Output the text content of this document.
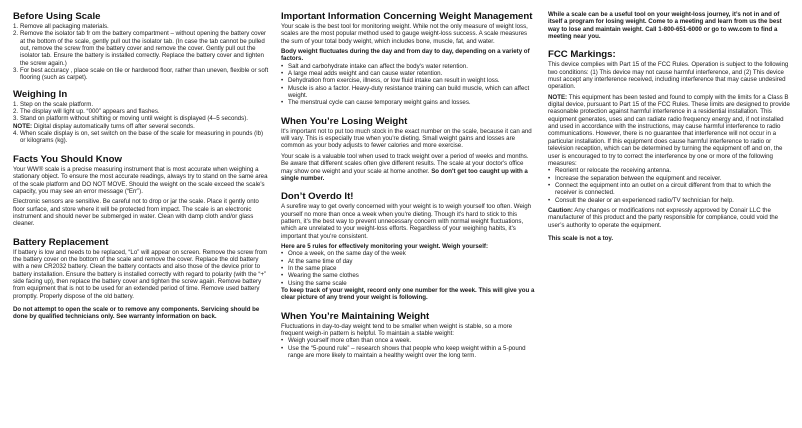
Before Using Scale
1. Remove all packaging materials.
2. Remove the isolator tab fr om the battery compartment – without opening the battery cover at the bottom of the scale, gently pull out the isolator tab. (In case the tab cannot be pulled out, remove the screw from the battery cover and remove the cover. Gently pull out the isolator tab. Ensure the battery is installed correctly. Replace the battery cover and tighten the screw again.)
3. For best accuracy , place scale on tile or hardwood floor, rather than uneven, flexible or soft flooring (such as carpet).
Weighing In
1. Step on the scale platform.
2. The display will light up. “000” appears and flashes.
3. Stand on platform without shifting or moving until weight is displayed (4–5 seconds).
NOTE: Digital display automatically turns off after several seconds.
4. When scale display is on, set switch on the base of the scale for measuring in pounds (lb) or kilograms (kg).
Facts You Should Know

Your WW® scale is a precise measuring instrument that is most accurate when weighing a stationary object. To ensure the most accurate readings, always try to stand on the same area of the scale platform and DO NOT MOVE. Should the weight on the scale exceed the scale's capacity, you may see an error message (“Err”).

Electronic sensors are sensitive. Be careful not to drop or jar the scale. Place it gently onto floor surface, and store where it will be protected from impact. The scale is an electronic instrument and should never be submerged in water. Clean with damp cloth and/or glass cleaner.

Battery Replacement

If battery is low and needs to be replaced, “Lo” will appear on screen. Remove the screw from the battery cover on the bottom of the scale and remove the cover. Replace the old battery with a new CR2032 battery. Clean the battery contacts and also those of the device prior to battery installation. Ensure the battery is installed correctly with regard to polarity (with the “+” side facing up), then replace the battery cover and tighten the screw again. Remove battery from equipment that is not to be used for an extended period of time. Remove used battery promptly. Properly dispose of the old battery.

Do not attempt to open the scale or to remove any components. Servicing should be done by qualified technicians only. See warranty information on back.

Important Information Concerning Weight Management

Your scale is the best tool for monitoring weight. While not the only measure of weight loss, scales are the most popular method used to gauge weight-loss success. A scale measures the sum of your total body weight, which includes bone, muscle, fat, and water.

Body weight fluctuates during the day and from day to day, depending on a variety of factors.
• Salt and carbohydrate intake can affect the body's water retention.
• A large meal adds weight and can cause water retention.
• Dehydration from exercise, illness, or low fluid intake can result in weight loss.
• Muscle is also a factor. Heavy-duty resistance training can build muscle, which can affect weight.
• The menstrual cycle can cause temporary weight gains and losses.
When You’re Losing Weight

It's important not to put too much stock in the exact number on the scale, because it can and will vary. This is especially true when you're dieting. Small weight gains and losses are common as your body adjusts to fewer calories and more exercise.

Your scale is a valuable tool when used to track weight over a period of weeks and months. Be aware that different scales often give different results. The scale at your doctor's office may show one weight and your scale at home another. So don't get too caught up with a single number.

Don’t Overdo It!

A surefire way to get overly concerned with your weight is to weigh yourself too often. Weigh yourself no more than once a week when you're dieting. Though it's hard to stick to this pattern, it's the best way to prevent unnecessary concern with normal weight fluctuations, which are unrelated to your weight-loss efforts. Regardless of your weighing habits, it's important that you're consistent.

Here are 5 rules for effectively monitoring your weight. Weigh yourself:
• Once a week, on the same day of the week
• At the same time of day
• In the same place
• Wearing the same clothes
• Using the same scale

To keep track of your weight, record only one number for the week. This will give you a clear picture of any trend your weight is following.

When You’re Maintaining Weight
Fluctuations in day-to-day weight tend to be smaller when weight is stable, so a more frequent weigh-in pattern is helpful. To maintain a stable weight:
• Weigh yourself more often than once a week.
• Use the “5-pound rule” – research shows that people who keep weight within a 5-pound range are more likely to maintain a healthy weight over the long term.

While a scale can be a useful tool on your weight-loss journey, it’s not in and of itself a program for losing weight. Come to a meeting and learn from us the best way to lose and maintain weight. Call 1-800-651-6000 or go to ww.com to find a meeting near you.

FCC Markings:

This device complies with Part 15 of the FCC Rules. Operation is subject to the following two conditions: (1) This device may not cause harmful interference, and (2) This device must accept any interference received, including interference that may cause undesired operation.

NOTE: This equipment has been tested and found to comply with the limits for a Class B digital device, pursuant to Part 15 of the FCC Rules. These limits are designed to provide reasonable protection against harmful interference in a residential installation. This equipment generates, uses and can radiate radio frequency energy and, if not installed and used in accordance with the instructions, may cause harmful interference to radio communications. However, there is no guarantee that interference will not occur in a particular installation. If this equipment does cause harmful interference to radio or television reception, which can be determined by turning the equipment off and on, the user is encouraged to try to correct the interference by one or more of the following measures:
• Reorient or relocate the receiving antenna.
• Increase the separation between the equipment and receiver.
• Connect the equipment into an outlet on a circuit different from that to which the receiver is connected.
• Consult the dealer or an experienced radio/TV technician for help.

Caution: Any changes or modifications not expressly approved by Conair LLC the manufacturer of this product and the party responsible for compliance, could void the user’s authority to operate the equipment.

This scale is not a toy.
